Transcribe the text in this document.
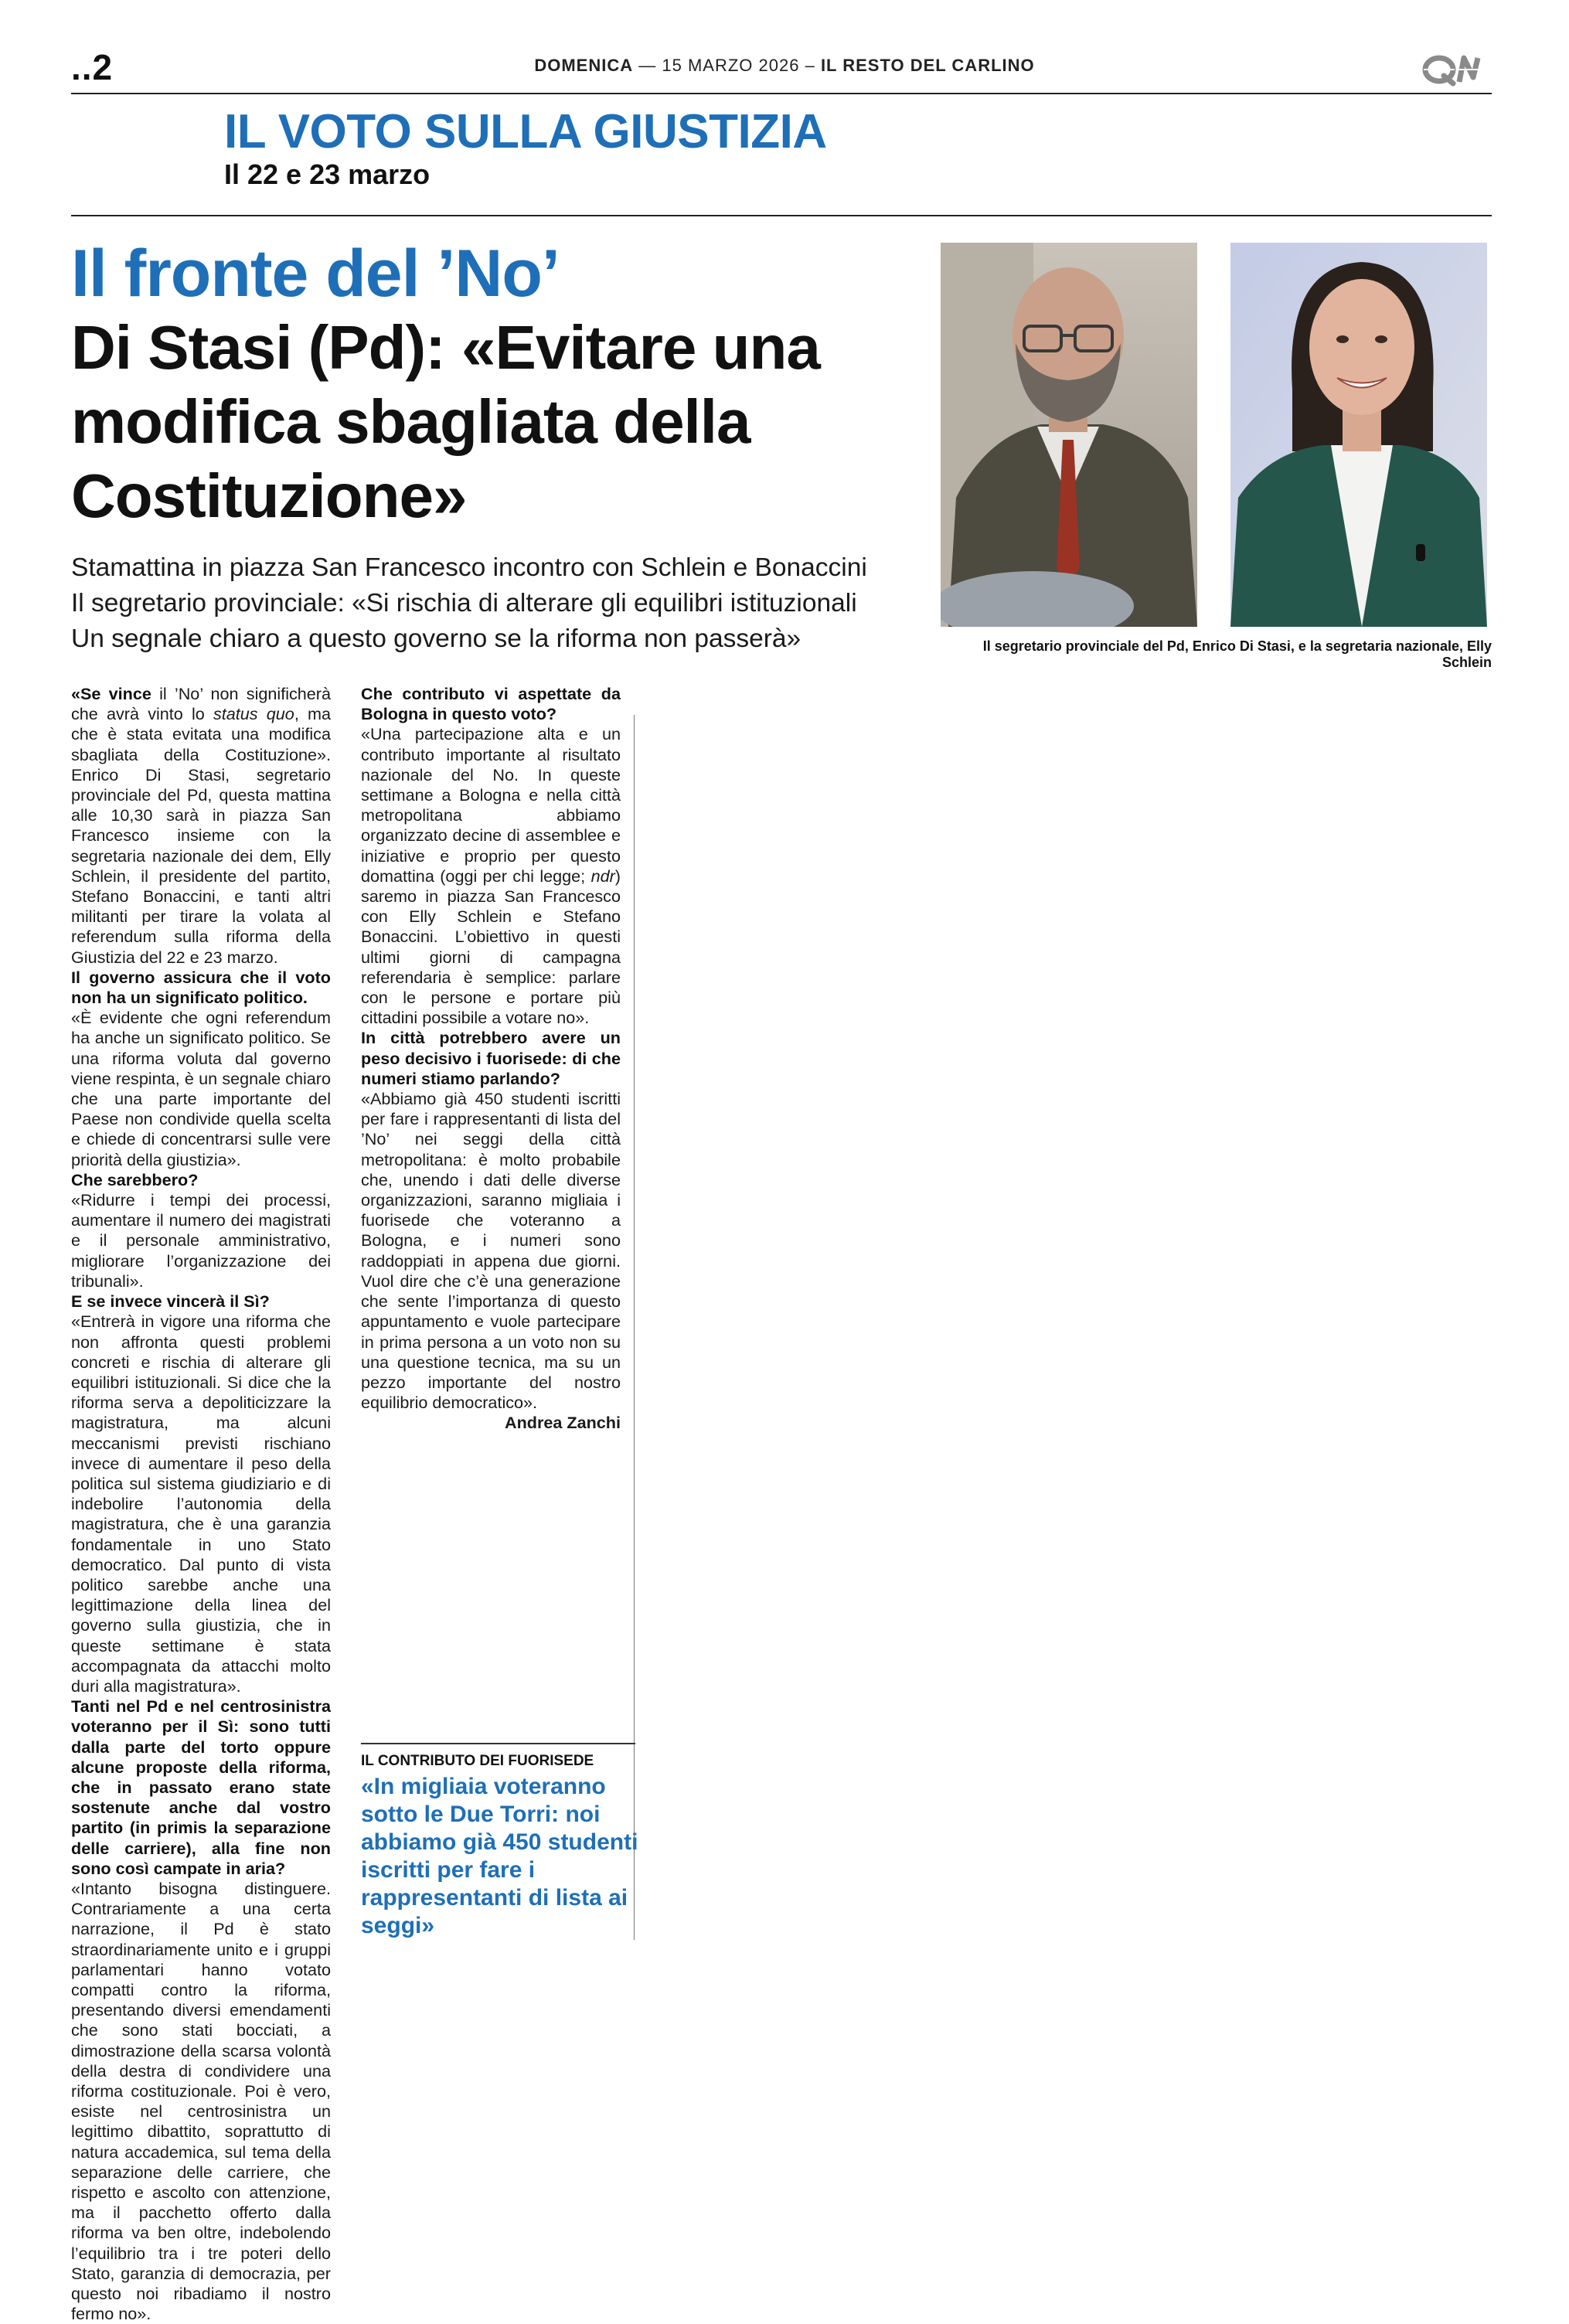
..2	DOMENICA — 15 MARZO 2026 – IL RESTO DEL CARLINO
IL VOTO SULLA GIUSTIZIA
Il 22 e 23 marzo
Il fronte del ’No’
Di Stasi (Pd): «Evitare una modifica sbagliata della Costituzione»
Stamattina in piazza San Francesco incontro con Schlein e Bonaccini
Il segretario provinciale: «Si rischia di alterare gli equilibri istituzionali
Un segnale chiaro a questo governo se la riforma non passerà»	Il segretario provinciale del Pd, Enrico Di Stasi, e la segretaria nazionale, Elly Schlein

«Se vince il ’No’ non significherà che avrà vinto lo status quo, ma che è stata evitata una modifica sbagliata della Costituzione». Enrico Di Stasi, segretario provinciale del Pd, questa mattina alle 10,30 sarà in piazza San Francesco insieme con la segretaria nazionale dei dem, Elly Schlein, il presidente del partito, Stefano Bonaccini, e tanti altri militanti per tirare la volata al referendum sulla riforma della Giustizia del 22 e 23 marzo.

Il governo assicura che il voto non ha un significato politico.

«È evidente che ogni referendum ha anche un significato politico. Se una riforma voluta dal governo viene respinta, è un segnale chiaro che una parte importante del Paese non condivide quella scelta e chiede di concentrarsi sulle vere priorità della giustizia».

Che sarebbero?

«Ridurre i tempi dei processi, aumentare il numero dei magistrati e il personale amministrativo, migliorare l’organizzazione dei tribunali».

E se invece vincerà il Sì?

«Entrerà in vigore una riforma che non affronta questi problemi concreti e rischia di alterare gli equilibri istituzionali. Si dice che la riforma serva a depoliticizzare la magistratura, ma alcuni meccanismi previsti rischiano invece di aumentare il peso della politica sul sistema giudiziario e di indebolire l’autonomia della magistratura, che è una garanzia fondamentale in uno Stato democratico. Dal punto di vista politico sarebbe anche una legittimazione della linea del governo sulla giustizia, che in queste settimane è stata accompagnata da attacchi molto duri alla magistratura».

Tanti nel Pd e nel centrosinistra voteranno per il Sì: sono tutti dalla parte del torto oppure alcune proposte della riforma, che in passato erano state sostenute anche dal vostro partito (in primis la separazione delle carriere), alla fine non sono così campate in aria?

«Intanto bisogna distinguere. Contrariamente a una certa narrazione, il Pd è stato straordinariamente unito e i gruppi parlamentari hanno votato compatti contro la riforma, presentando diversi emendamenti che sono stati bocciati, a dimostrazione della scarsa volontà della destra di condividere una riforma costituzionale. Poi è vero, esiste nel centrosinistra un legittimo dibattito, soprattutto di natura accademica, sul tema della separazione delle carriere, che rispetto e ascolto con attenzione, ma il pacchetto offerto dalla riforma va ben oltre, indebolendo l’equilibrio tra i tre poteri dello Stato, garanzia di democrazia, per questo noi ribadiamo il nostro fermo no».

Che contributo vi aspettate da Bologna in questo voto?

«Una partecipazione alta e un contributo importante al risultato nazionale del No. In queste settimane a Bologna e nella città metropolitana abbiamo organizzato decine di assemblee e iniziative e proprio per questo domattina (oggi per chi legge; ndr) saremo in piazza San Francesco con Elly Schlein e Stefano Bonaccini. L’obiettivo in questi ultimi giorni di campagna referendaria è semplice: parlare con le persone e portare più cittadini possibile a votare no».

In città potrebbero avere un peso decisivo i fuorisede: di che numeri stiamo parlando?

«Abbiamo già 450 studenti iscritti per fare i rappresentanti di lista del ’No’ nei seggi della città metropolitana: è molto probabile che, unendo i dati delle diverse organizzazioni, saranno migliaia i fuorisede che voteranno a Bologna, e i numeri sono raddoppiati in appena due giorni. Vuol dire che c’è una generazione che sente l’importanza di questo appuntamento e vuole partecipare in prima persona a un voto non su una questione tecnica, ma su un pezzo importante del nostro equilibrio democratico».

Andrea Zanchi

IL CONTRIBUTO DEI FUORISEDE
«In migliaia voteranno sotto le Due Torri: noi abbiamo già 450 studenti iscritti per fare i rappresentanti di lista ai seggi»
